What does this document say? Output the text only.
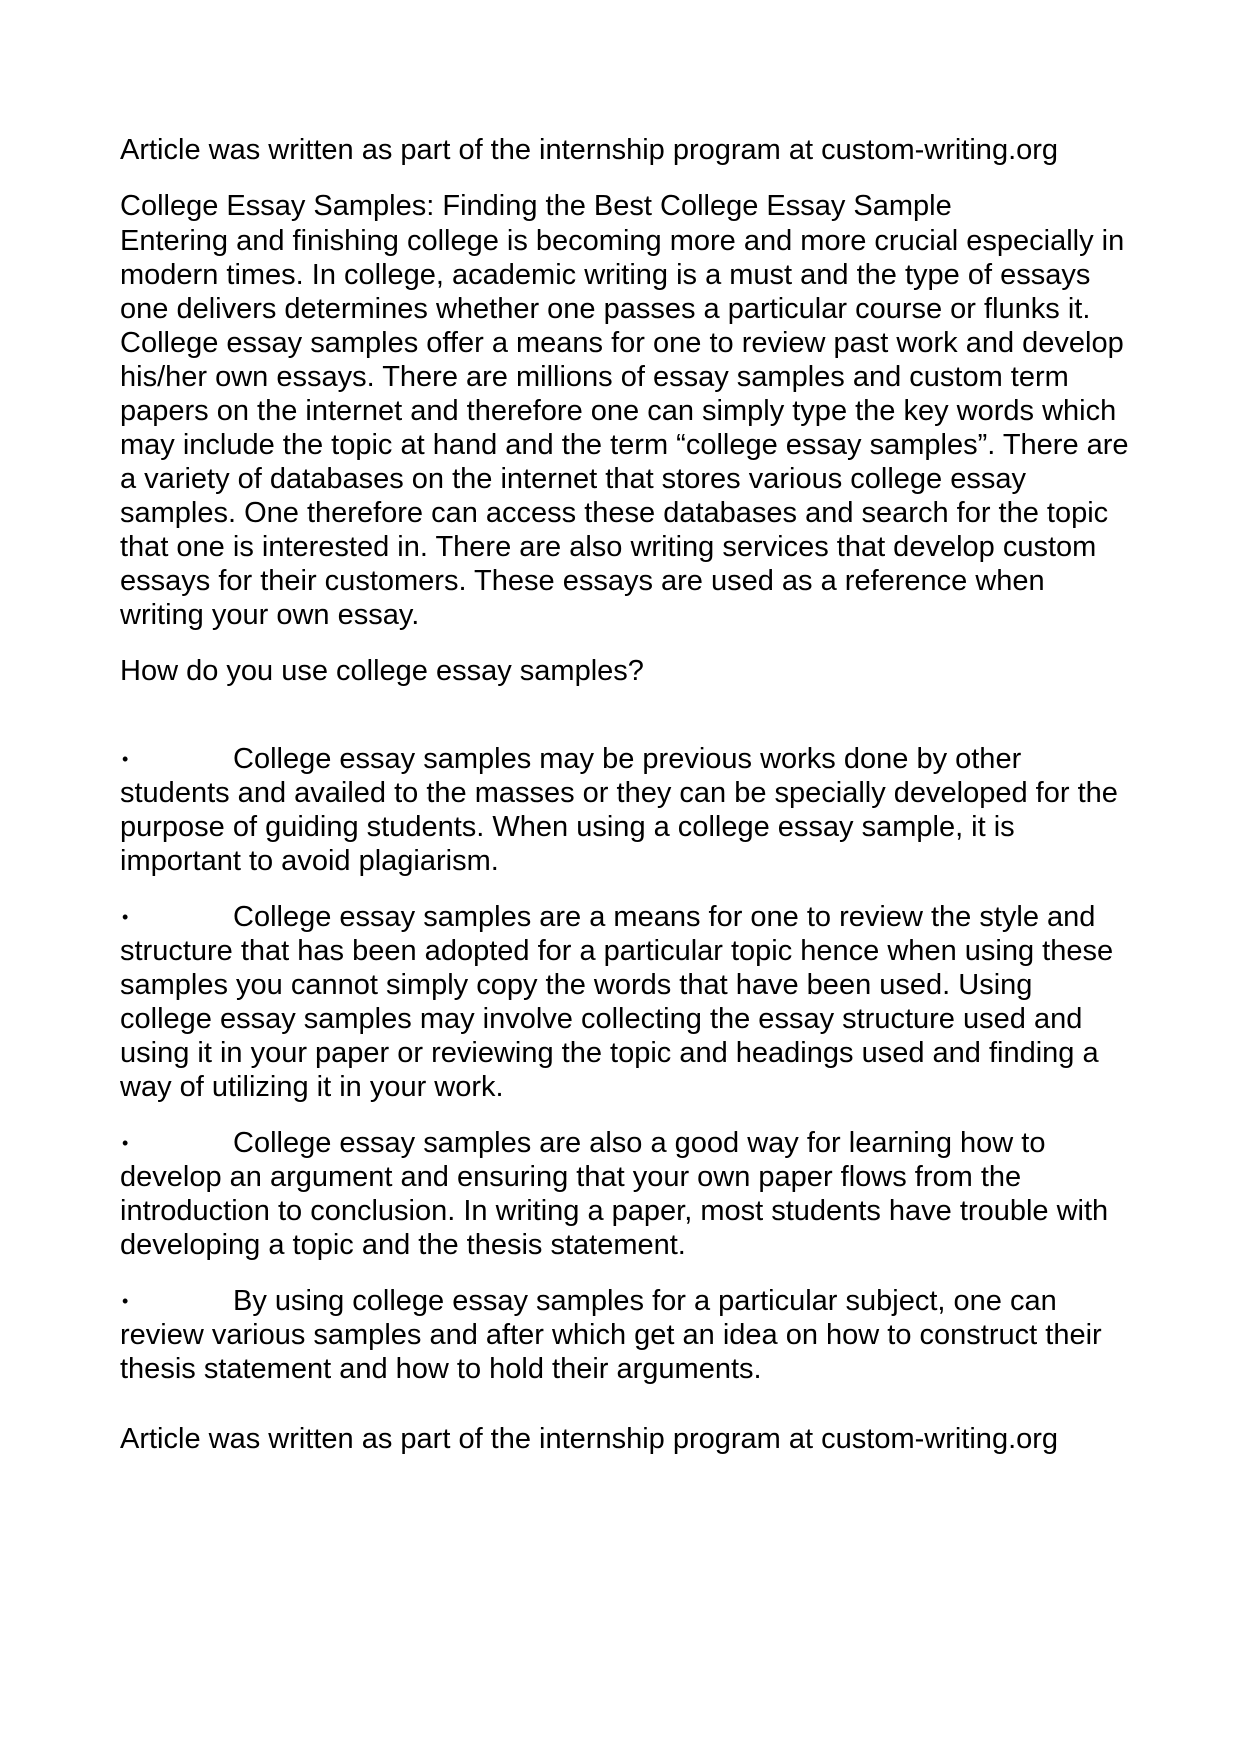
Article was written as part of the internship program at custom-writing.org

College Essay Samples: Finding the Best College Essay Sample

Entering and finishing college is becoming more and more crucial especially in modern times. In college, academic writing is a must and the type of essays one delivers determines whether one passes a particular course or flunks it. College essay samples offer a means for one to review past work and develop his/her own essays. There are millions of essay samples and custom term papers on the internet and therefore one can simply type the key words which may include the topic at hand and the term “college essay samples”. There are a variety of databases on the internet that stores various college essay samples. One therefore can access these databases and search for the topic that one is interested in. There are also writing services that develop custom essays for their customers. These essays are used as a reference when writing your own essay.

How do you use college essay samples?

•	College essay samples may be previous works done by other students and availed to the masses or they can be specially developed for the purpose of guiding students. When using a college essay sample, it is important to avoid plagiarism.
•	College essay samples are a means for one to review the style and structure that has been adopted for a particular topic hence when using these samples you cannot simply copy the words that have been used. Using college essay samples may involve collecting the essay structure used and using it in your paper or reviewing the topic and headings used and finding a way of utilizing it in your work.
•	College essay samples are also a good way for learning how to develop an argument and ensuring that your own paper flows from the introduction to conclusion. In writing a paper, most students have trouble with developing a topic and the thesis statement.
•	By using college essay samples for a particular subject, one can review various samples and after which get an idea on how to construct their thesis statement and how to hold their arguments.

Article was written as part of the internship program at custom-writing.org
